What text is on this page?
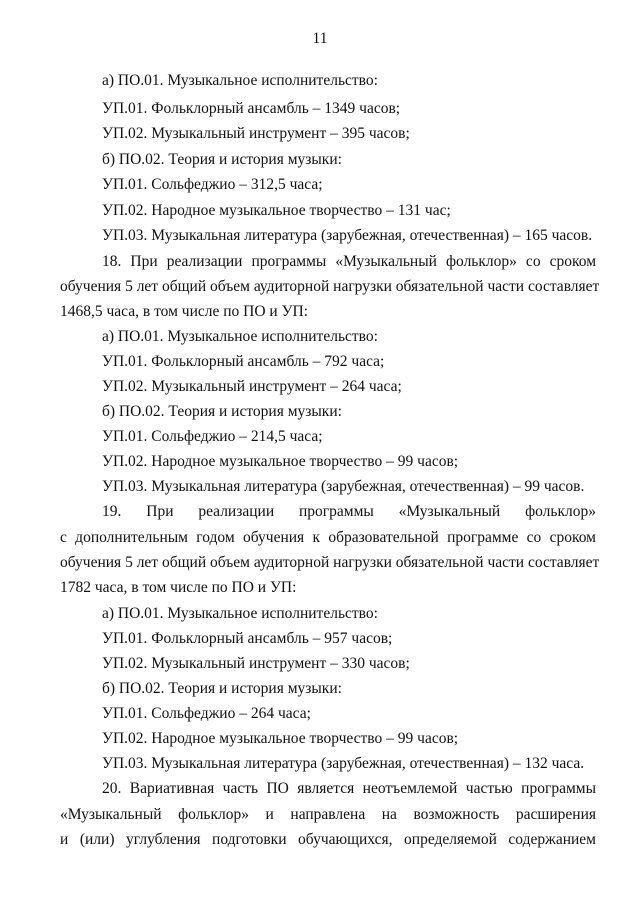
11
а) ПО.01. Музыкальное исполнительство:
УП.01. Фольклорный ансамбль – 1349 часов;
УП.02. Музыкальный инструмент – 395 часов;
б) ПО.02. Теория и история музыки:
УП.01. Сольфеджио – 312,5 часа;
УП.02. Народное музыкальное творчество – 131 час;
УП.03. Музыкальная литература (зарубежная, отечественная) – 165 часов.
18. При реализации программы «Музыкальный фольклор» со сроком
обучения 5 лет общий объем аудиторной нагрузки обязательной части составляет
1468,5 часа, в том числе по ПО и УП:
а) ПО.01. Музыкальное исполнительство:
УП.01. Фольклорный ансамбль – 792 часа;
УП.02. Музыкальный инструмент – 264 часа;
б) ПО.02. Теория и история музыки:
УП.01. Сольфеджио – 214,5 часа;
УП.02. Народное музыкальное творчество – 99 часов;
УП.03. Музыкальная литература (зарубежная, отечественная) – 99 часов.
19. При реализации программы «Музыкальный фольклор»
с дополнительным годом обучения к образовательной программе со сроком
обучения 5 лет общий объем аудиторной нагрузки обязательной части составляет
1782 часа, в том числе по ПО и УП:
а) ПО.01. Музыкальное исполнительство:
УП.01. Фольклорный ансамбль – 957 часов;
УП.02. Музыкальный инструмент – 330 часов;
б) ПО.02. Теория и история музыки:
УП.01. Сольфеджио – 264 часа;
УП.02. Народное музыкальное творчество – 99 часов;
УП.03. Музыкальная литература (зарубежная, отечественная) – 132 часа.
20. Вариативная часть ПО является неотъемлемой частью программы
«Музыкальный фольклор» и направлена на возможность расширения
и (или) углубления подготовки обучающихся, определяемой содержанием
